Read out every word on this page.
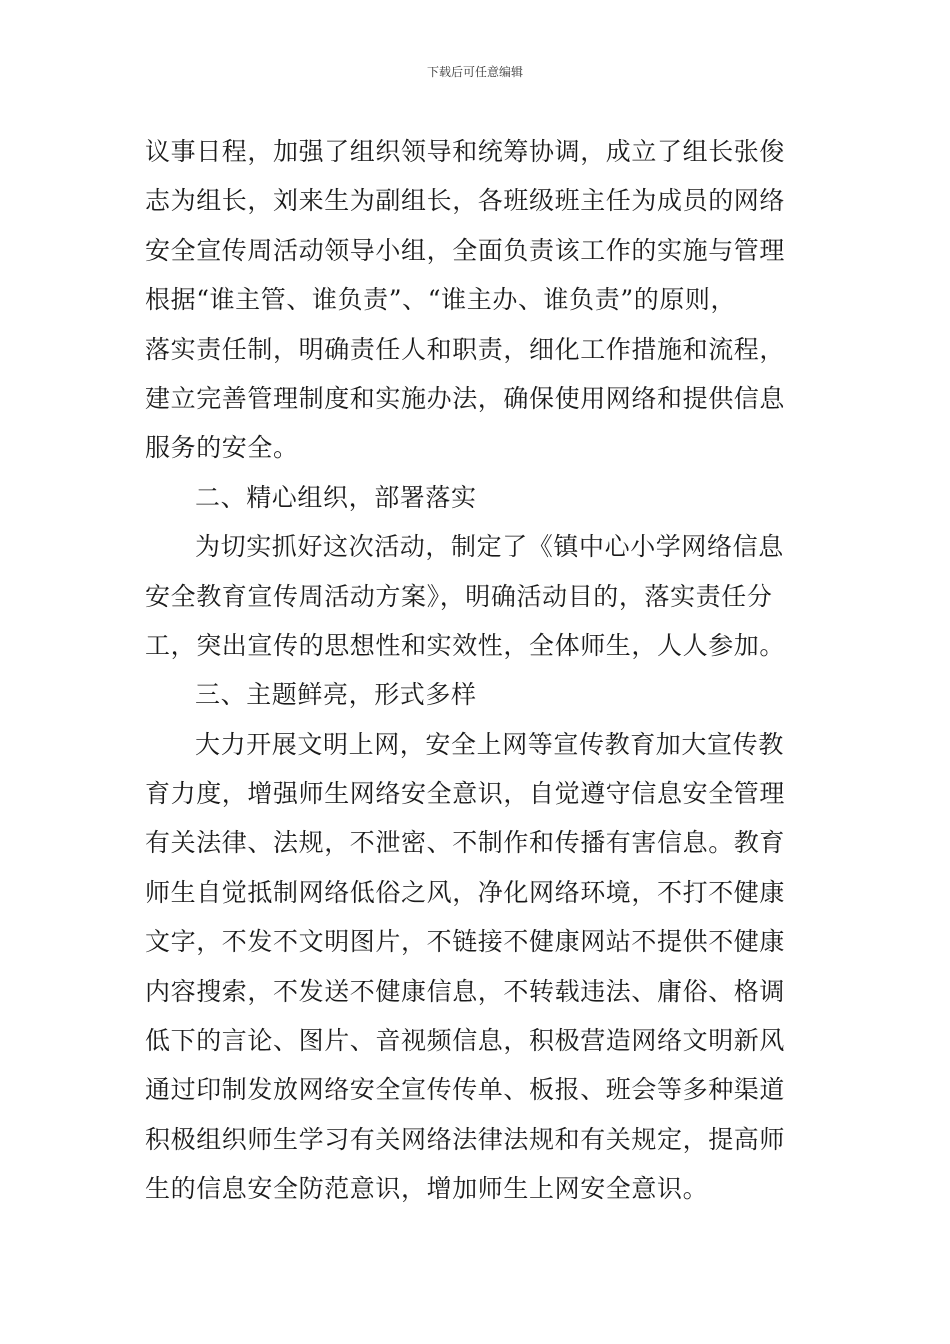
下载后可任意编辑
议事日程，加强了组织领导和统筹协调，成立了组长张俊
志为组长，刘来生为副组长，各班级班主任为成员的网络
安全宣传周活动领导小组，全面负责该工作的实施与管理
根据“谁主管、谁负责”、“谁主办、谁负责”的原则，
落实责任制，明确责任人和职责，细化工作措施和流程，
建立完善管理制度和实施办法，确保使用网络和提供信息
服务的安全。
二、精心组织，部署落实
为切实抓好这次活动，制定了《镇中心小学网络信息
安全教育宣传周活动方案》，明确活动目的，落实责任分
工，突出宣传的思想性和实效性，全体师生，人人参加。
三、主题鲜亮，形式多样
大力开展文明上网，安全上网等宣传教育加大宣传教
育力度，增强师生网络安全意识，自觉遵守信息安全管理
有关法律、法规，不泄密、不制作和传播有害信息。教育
师生自觉抵制网络低俗之风，净化网络环境，不打不健康
文字，不发不文明图片，不链接不健康网站不提供不健康
内容搜索，不发送不健康信息，不转载违法、庸俗、格调
低下的言论、图片、音视频信息，积极营造网络文明新风
通过印制发放网络安全宣传传单、板报、班会等多种渠道
积极组织师生学习有关网络法律法规和有关规定，提高师
生的信息安全防范意识，增加师生上网安全意识。
